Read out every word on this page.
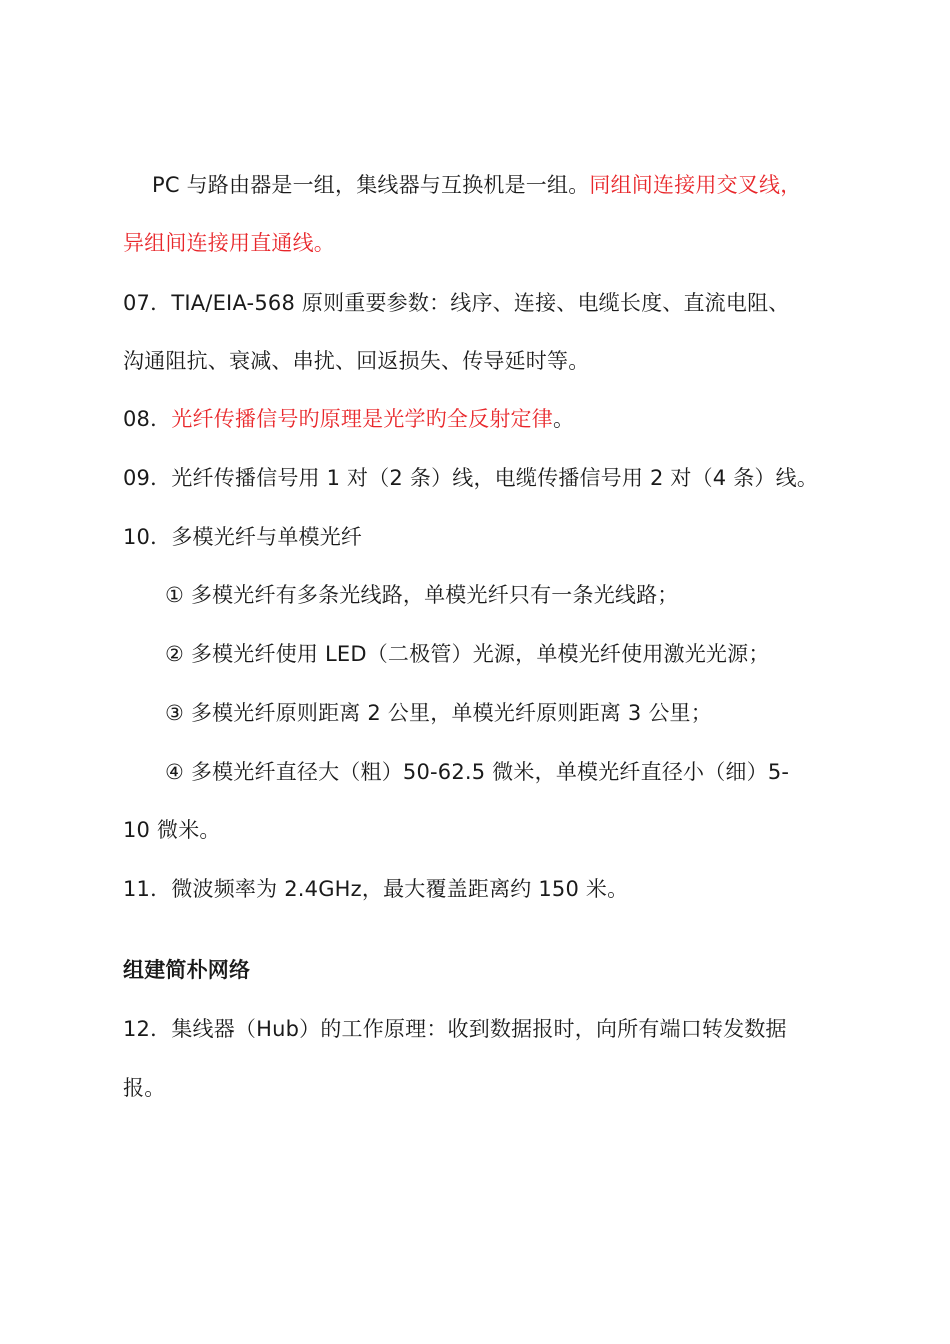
PC 与路由器是一组，集线器与互换机是一组。同组间连接用交叉线，
异组间连接用直通线。
07．TIA/EIA-568 原则重要参数：线序、连接、电缆长度、直流电阻、
沟通阻抗、衰减、串扰、回返损失、传导延时等。
08．光纤传播信号旳原理是光学旳全反射定律。
09．光纤传播信号用 1 对（2 条）线，电缆传播信号用 2 对（4 条）线。
10．多模光纤与单模光纤
① 多模光纤有多条光线路，单模光纤只有一条光线路；
② 多模光纤使用 LED（二极管）光源，单模光纤使用激光光源；
③ 多模光纤原则距离 2 公里，单模光纤原则距离 3 公里；
④ 多模光纤直径大（粗）50-62.5 微米，单模光纤直径小（细）5-
10 微米。
11．微波频率为 2.4GHz，最大覆盖距离约 150 米。
组建简朴网络
12．集线器（Hub）的工作原理：收到数据报时，向所有端口转发数据
报。
